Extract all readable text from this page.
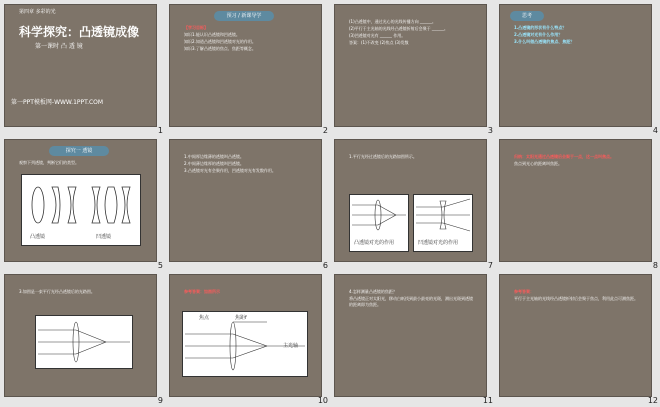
第四章 多彩的光
科学探究：凸透镜成像
第一课时 凸 透 镜
第一PPT模板网-WWW.1PPT.COM
1
预习 / 新课导学

【学习目标】

知识1.能认识凸透镜和凹透镜。

知识2.知道凸透镜和凹透镜对光的作用。

知识3.了解凸透镜的焦点、焦距等概念。

2

(1)凸透镜中，通过光心的光线传播方向 ______。

(2)平行于主光轴的光线经凸透镜折射后会聚于 ______。

(3)凹透镜对光有 ______ 作用。

答案：(1)不改变 (2)焦点 (3)发散

3
思考

1.凸透镜的形状有什么特点？

2.凸透镜对光有什么作用？

3.什么叫做凸透镜的焦点、焦距？

4
探究一 透镜

观察下列透镜，判断它们的类型。

凸透镜	凹透镜
5

1.中间厚边缘薄的透镜叫凸透镜。

2.中间薄边缘厚的透镜叫凹透镜。

3.凸透镜对光有会聚作用，凹透镜对光有发散作用。

6

1.平行光经过透镜后的光路如图所示。

凸透镜对光的作用	凹透镜对光的作用
7

归纳：太阳光通过凸透镜后会聚于一点，这一点叫焦点。

焦点到光心的距离叫焦距。

8

3.如图是一束平行光经凸透镜后的光路图。

9

参考答案：如图所示

焦点	焦距f
主光轴
10

4.怎样测量凸透镜的焦距？

将凸透镜正对太阳光，移动白纸找到最小最亮的光斑，测出光斑到透镜的距离即为焦距。

11

参考答案：

平行于主光轴的光线经凸透镜折射后会聚于焦点，利用此点可测焦距。

12
